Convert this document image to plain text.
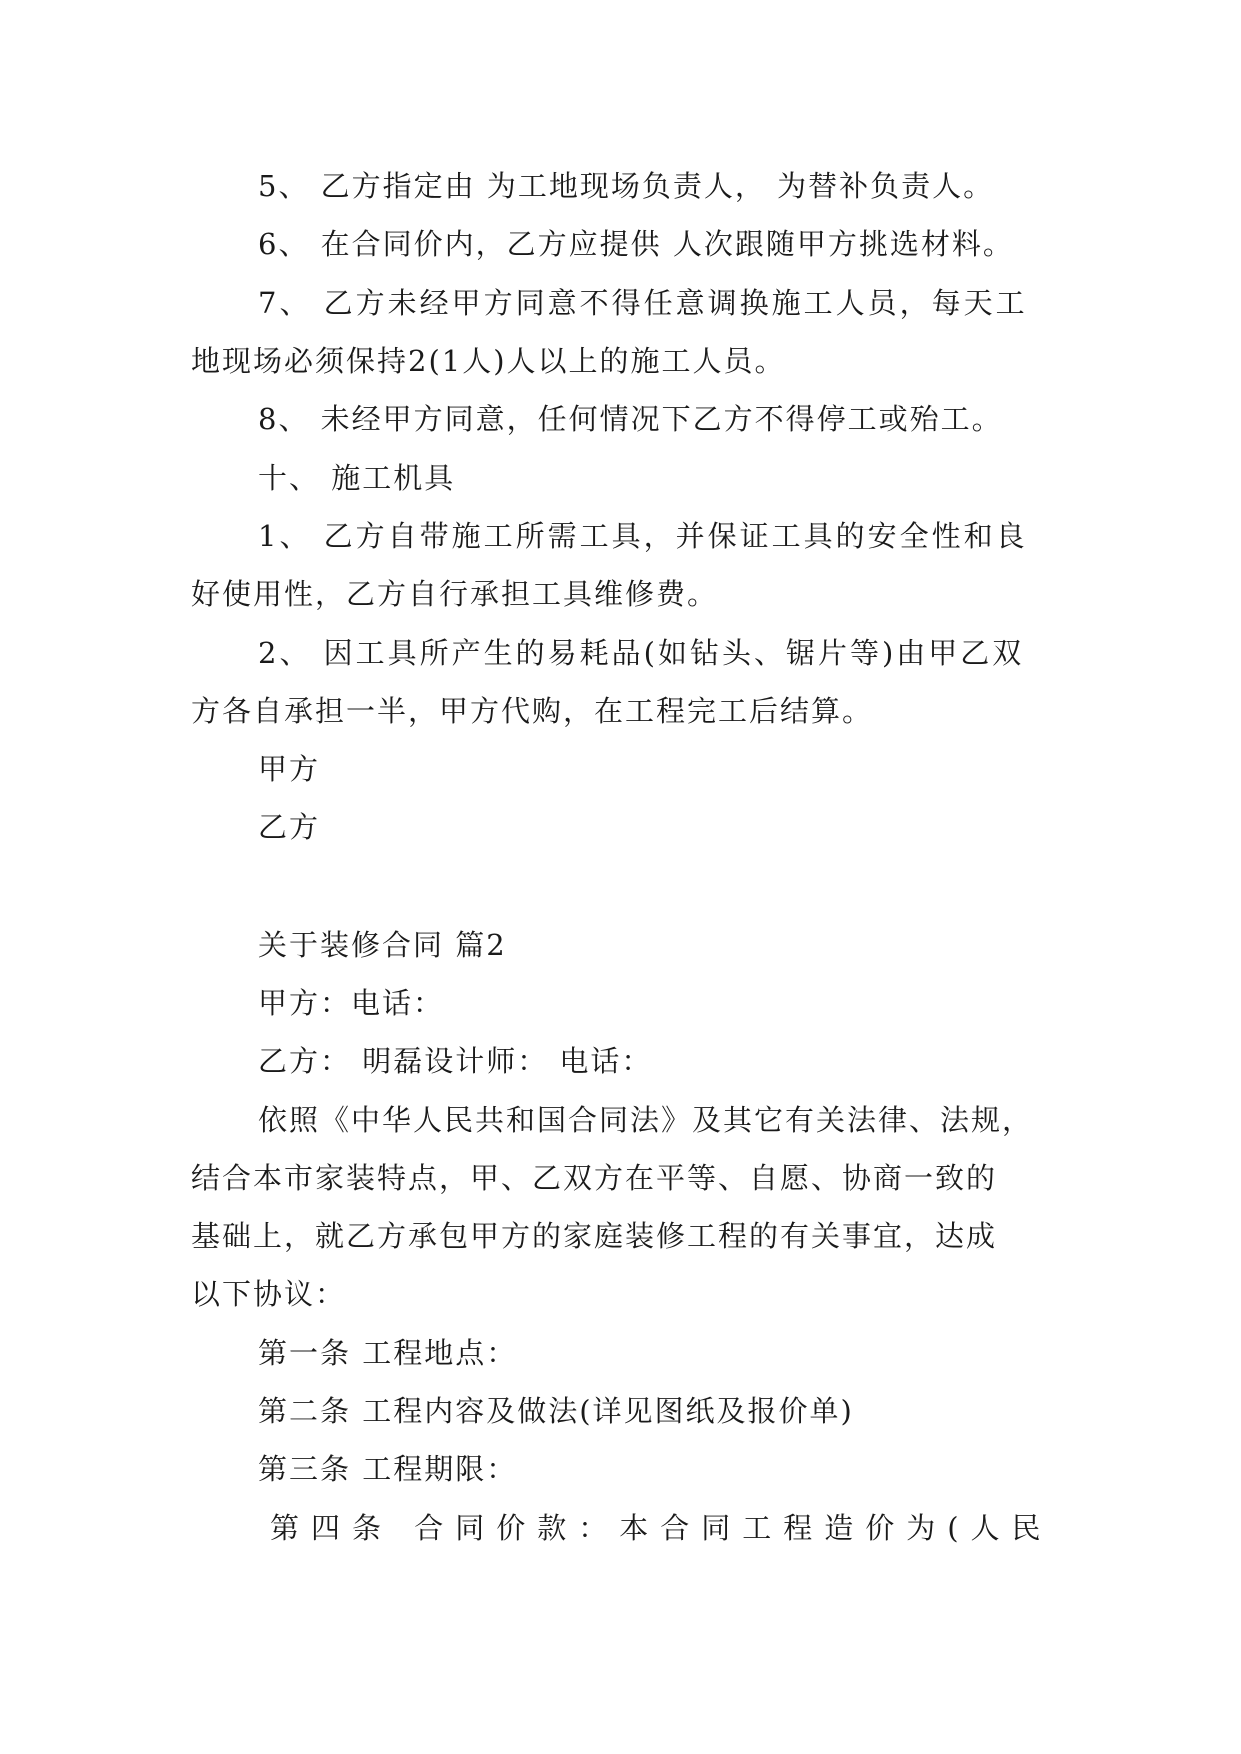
5、 乙方指定由 为工地现场负责人， 为替补负责人。
6、 在合同价内，乙方应提供 人次跟随甲方挑选材料。
7、 乙方未经甲方同意不得任意调换施工人员，每天工
地现场必须保持2(1人)人以上的施工人员。
8、 未经甲方同意，任何情况下乙方不得停工或殆工。
十、 施工机具
1、 乙方自带施工所需工具，并保证工具的安全性和良
好使用性，乙方自行承担工具维修费。
2、 因工具所产生的易耗品(如钻头、锯片等)由甲乙双
方各自承担一半，甲方代购，在工程完工后结算。
甲方
乙方
关于装修合同 篇2
甲方：电话：
乙方： 明磊设计师： 电话：
依照《中华人民共和国合同法》及其它有关法律、法规，
结合本市家装特点，甲、乙双方在平等、自愿、协商一致的
基础上，就乙方承包甲方的家庭装修工程的有关事宜，达成
以下协议：
第一条 工程地点：
第二条 工程内容及做法(详见图纸及报价单)
第三条 工程期限：
第四条 合同价款：本合同工程造价为(人民
